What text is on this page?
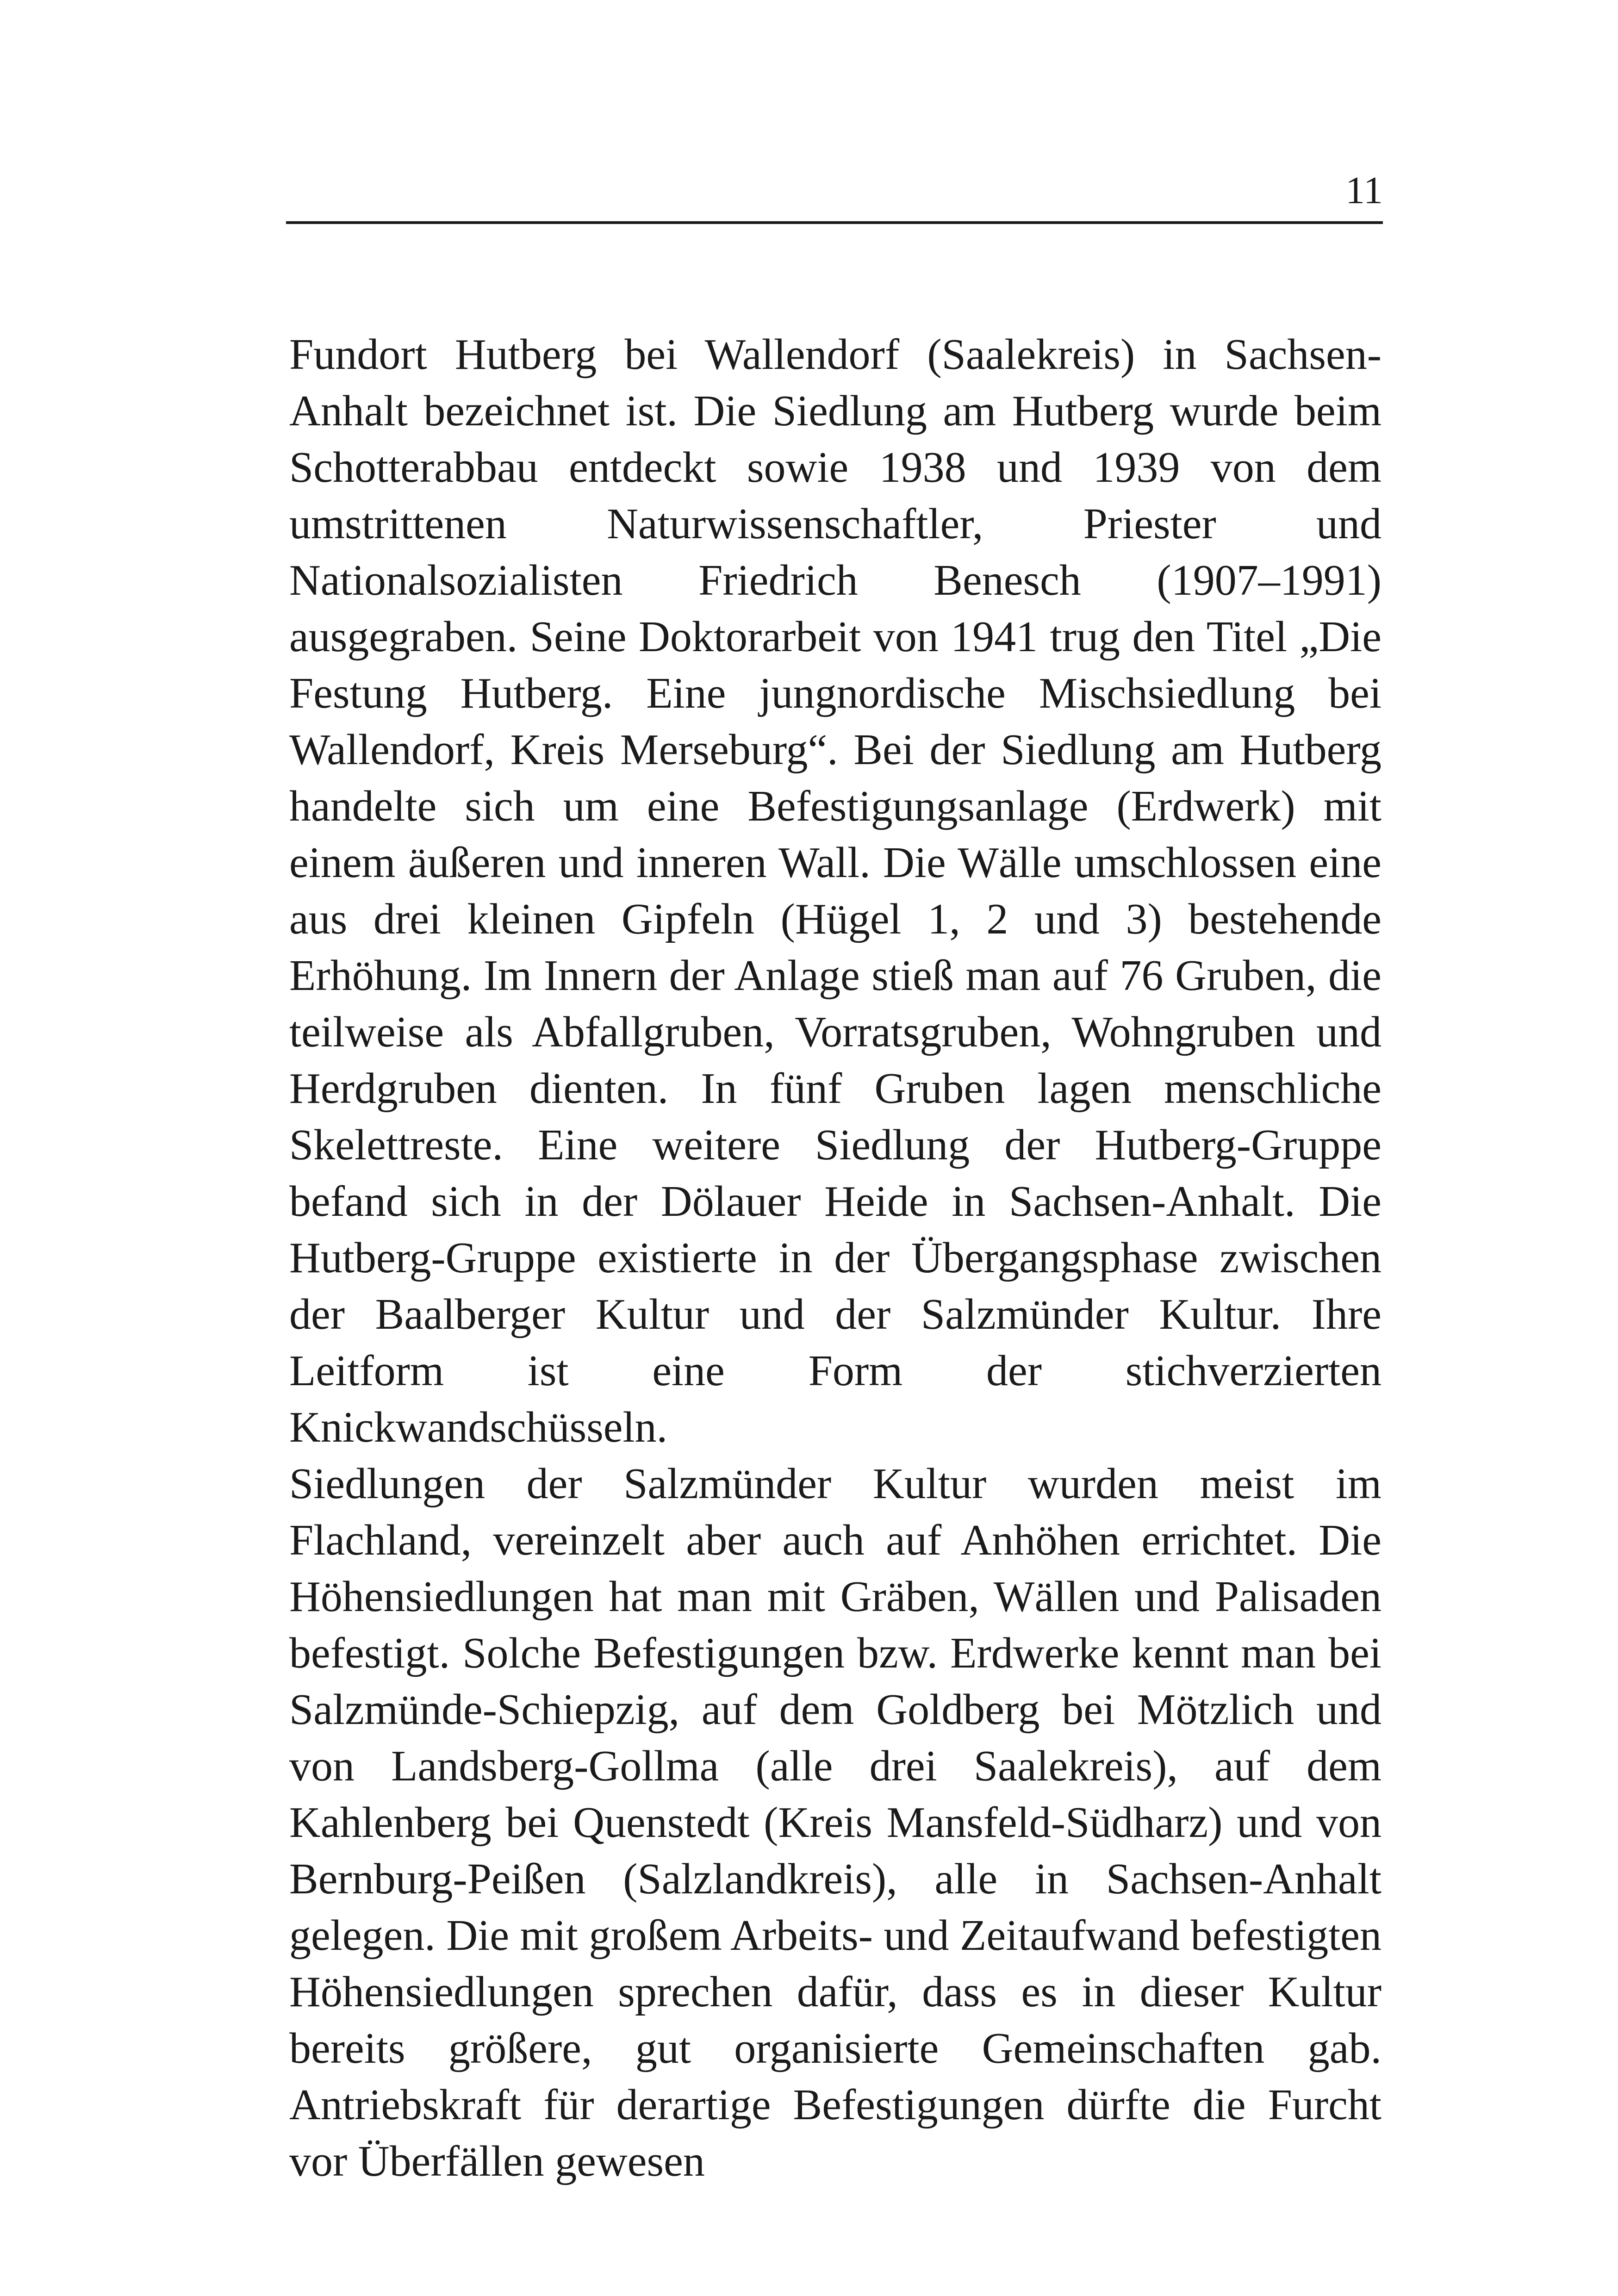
11

Fundort Hutberg bei Wallendorf (Saalekreis) in Sachsen-Anhalt bezeichnet ist. Die Siedlung am Hutberg wurde beim Schotterabbau entdeckt sowie 1938 und 1939 von dem umstrittenen Naturwissenschaftler, Priester und Nationalsozialisten Friedrich Benesch (1907–1991) ausgegraben. Seine Doktorarbeit von 1941 trug den Titel „Die Festung Hutberg. Eine jungnordische Mischsiedlung bei Wallendorf, Kreis Merseburg“. Bei der Siedlung am Hutberg handelte sich um eine Befestigungsanlage (Erdwerk) mit einem äußeren und inneren Wall. Die Wälle umschlossen eine aus drei kleinen Gipfeln (Hügel 1, 2 und 3) bestehende Erhöhung. Im Innern der Anlage stieß man auf 76 Gruben, die teilweise als Abfallgruben, Vorratsgruben, Wohngruben und Herdgruben dienten. In fünf Gruben lagen menschliche Skelettreste. Eine weitere Siedlung der Hutberg-Gruppe befand sich in der Dölauer Heide in Sachsen-Anhalt. Die Hutberg-Gruppe existierte in der Übergangsphase zwischen der Baalberger Kultur und der Salzmünder Kultur. Ihre Leitform ist eine Form der stichverzierten Knickwandschüsseln.

Siedlungen der Salzmünder Kultur wurden meist im Flachland, vereinzelt aber auch auf Anhöhen errichtet. Die Höhensiedlungen hat man mit Gräben, Wällen und Palisaden befestigt. Solche Befestigungen bzw. Erdwerke kennt man bei Salzmünde-Schiepzig, auf dem Goldberg bei Mötzlich und von Landsberg-Gollma (alle drei Saalekreis), auf dem Kahlenberg bei Quenstedt (Kreis Mansfeld-Südharz) und von Bernburg-Peißen (Salzlandkreis), alle in Sachsen-Anhalt gelegen. Die mit großem Arbeits- und Zeitaufwand befestigten Höhensiedlungen sprechen dafür, dass es in dieser Kultur bereits größere, gut organisierte Gemeinschaften gab. Antriebskraft für derartige Befestigungen dürfte die Furcht vor Überfällen gewesen
